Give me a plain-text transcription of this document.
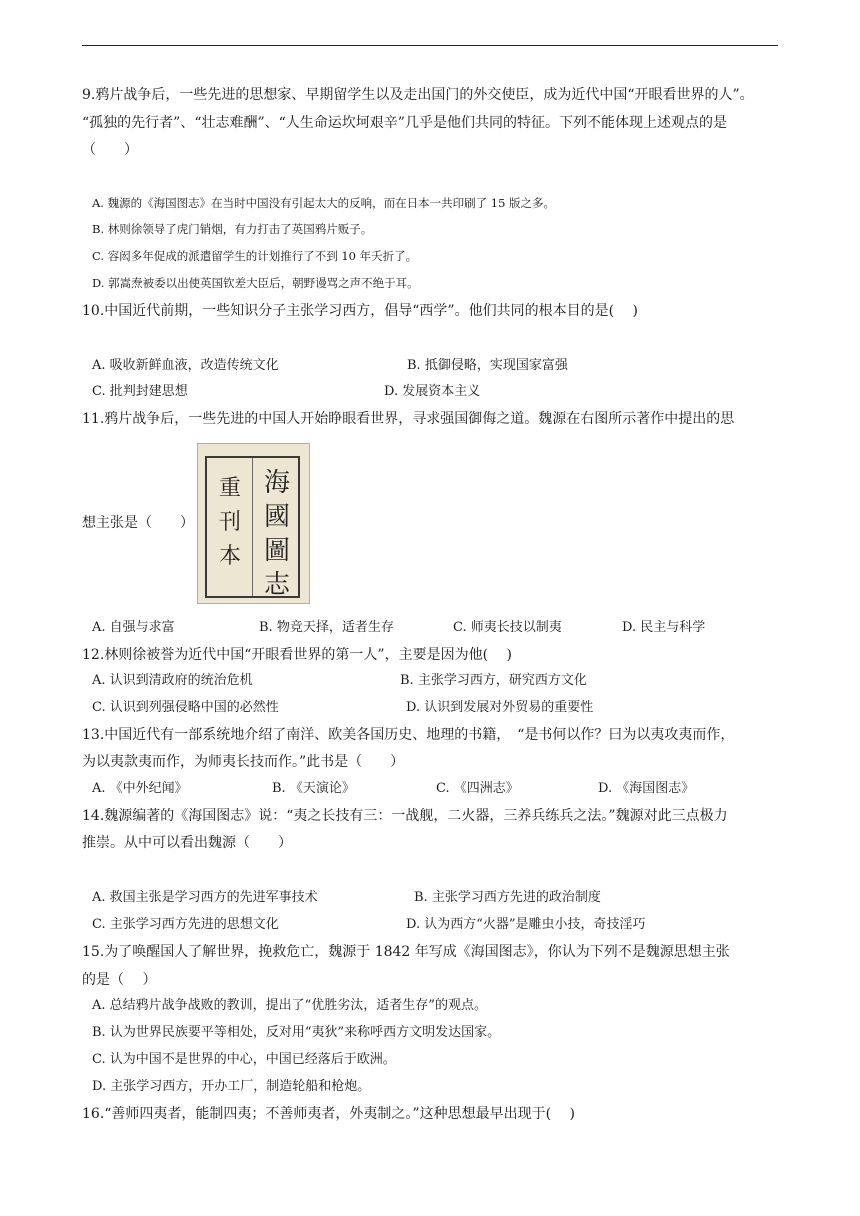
9.鸦片战争后，一些先进的思想家、早期留学生以及走出国门的外交使臣，成为近代中国“开眼看世界的人”。
“孤独的先行者”、“壮志难酬”、“人生命运坎坷艰辛”几乎是他们共同的特征。下列不能体现上述观点的是
（　　）
A. 魏源的《海国图志》在当时中国没有引起太大的反响，而在日本一共印刷了 15 版之多。
B. 林则徐领导了虎门销烟，有力打击了英国鸦片贩子。
C. 容闳多年促成的派遣留学生的计划推行了不到 10 年夭折了。
D. 郭嵩焘被委以出使英国钦差大臣后，朝野谩骂之声不绝于耳。
10.中国近代前期，一些知识分子主张学习西方，倡导“西学”。他们共同的根本目的是(　 )
A. 吸收新鲜血液，改造传统文化	B. 抵御侵略，实现国家富强
C. 批判封建思想	D. 发展资本主义
11.鸦片战争后，一些先进的中国人开始睁眼看世界，寻求强国御侮之道。魏源在右图所示著作中提出的思
想主张是（　　）
重
刊
本
海
國
圖
志
A. 自强与求富	B. 物竞天择，适者生存	C. 师夷长技以制夷	D. 民主与科学
12.林则徐被誉为近代中国“开眼看世界的第一人”，主要是因为他(　 )
A. 认识到清政府的统治危机	B. 主张学习西方，研究西方文化
C. 认识到列强侵略中国的必然性	D. 认识到发展对外贸易的重要性
13.中国近代有一部系统地介绍了南洋、欧美各国历史、地理的书籍，　“是书何以作？曰为以夷攻夷而作，
为以夷款夷而作，为师夷长技而作。”此书是（　　）
A. 《中外纪闻》	B. 《天演论》	C. 《四洲志》	D. 《海国图志》
14.魏源编著的《海国图志》说：“夷之长技有三：一战舰，二火器，三养兵练兵之法。”魏源对此三点极力
推崇。从中可以看出魏源（　　）
A. 救国主张是学习西方的先进军事技术	B. 主张学习西方先进的政治制度
C. 主张学习西方先进的思想文化	D. 认为西方“火器”是雕虫小技，奇技淫巧
15.为了唤醒国人了解世界，挽救危亡，魏源于 1842 年写成《海国图志》，你认为下列不是魏源思想主张
的是（　 ）
A. 总结鸦片战争战败的教训，提出了“优胜劣汰，适者生存”的观点。
B. 认为世界民族要平等相处，反对用“夷狄”来称呼西方文明发达国家。
C. 认为中国不是世界的中心，中国已经落后于欧洲。
D. 主张学习西方，开办工厂，制造轮船和枪炮。
16.“善师四夷者，能制四夷；不善师夷者，外夷制之。”这种思想最早出现于(　 )
